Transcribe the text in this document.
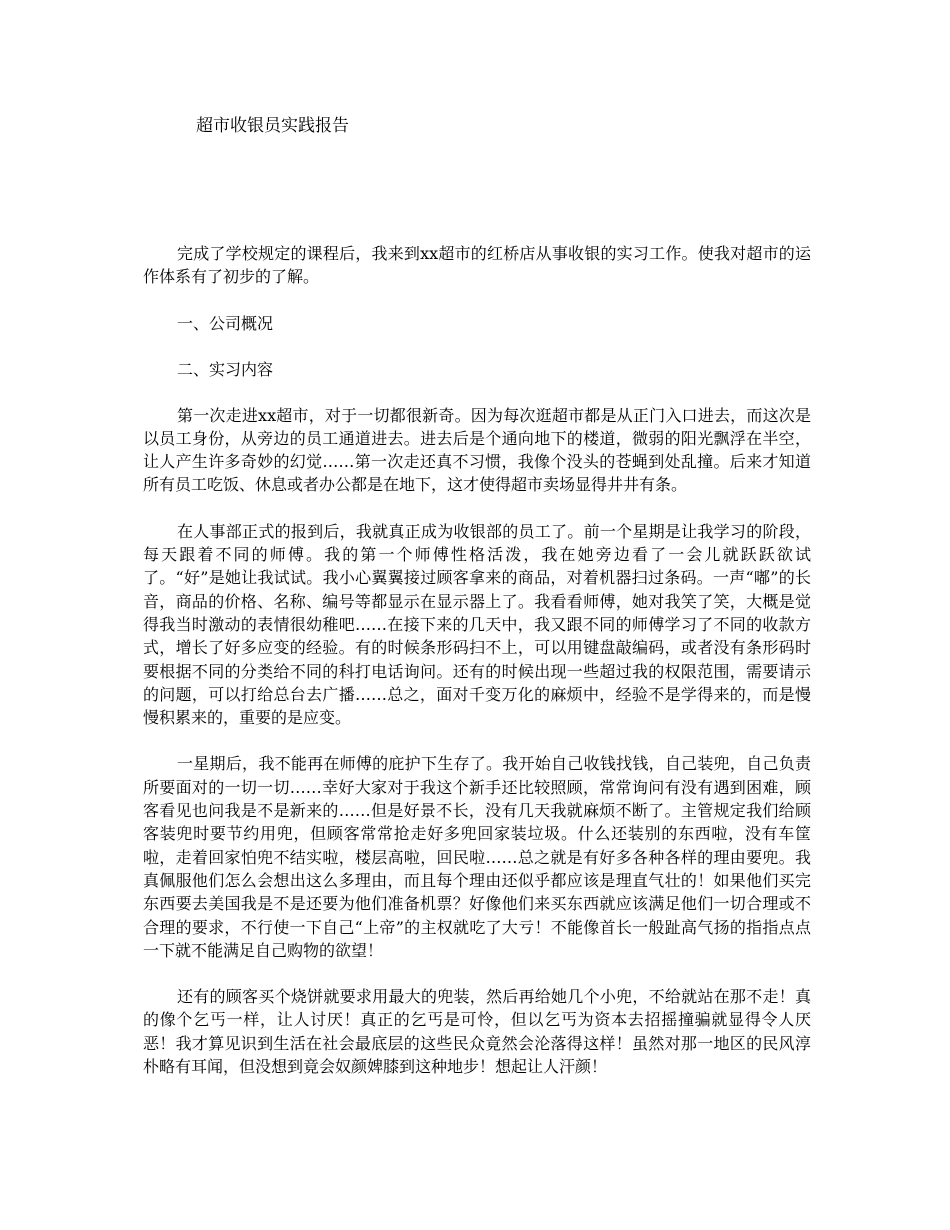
超市收银员实践报告

完成了学校规定的课程后，我来到xx超市的红桥店从事收银的实习工作。使我对超市的运作体系有了初步的了解。

一、公司概况

二、实习内容

第一次走进xx超市，对于一切都很新奇。因为每次逛超市都是从正门入口进去，而这次是以员工身份，从旁边的员工通道进去。进去后是个通向地下的楼道，微弱的阳光飘浮在半空，让人产生许多奇妙的幻觉……第一次走还真不习惯，我像个没头的苍蝇到处乱撞。后来才知道所有员工吃饭、休息或者办公都是在地下，这才使得超市卖场显得井井有条。

在人事部正式的报到后，我就真正成为收银部的员工了。前一个星期是让我学习的阶段，每天跟着不同的师傅。我的第一个师傅性格活泼，我在她旁边看了一会儿就跃跃欲试了。“好”是她让我试试。我小心翼翼接过顾客拿来的商品，对着机器扫过条码。一声“嘟”的长音，商品的价格、名称、编号等都显示在显示器上了。我看看师傅，她对我笑了笑，大概是觉得我当时激动的表情很幼稚吧……在接下来的几天中，我又跟不同的师傅学习了不同的收款方式，增长了好多应变的经验。有的时候条形码扫不上，可以用键盘敲编码，或者没有条形码时要根据不同的分类给不同的科打电话询问。还有的时候出现一些超过我的权限范围，需要请示的问题，可以打给总台去广播……总之，面对千变万化的麻烦中，经验不是学得来的，而是慢慢积累来的，重要的是应变。

一星期后，我不能再在师傅的庇护下生存了。我开始自己收钱找钱，自己装兜，自己负责所要面对的一切一切……幸好大家对于我这个新手还比较照顾，常常询问有没有遇到困难，顾客看见也问我是不是新来的……但是好景不长，没有几天我就麻烦不断了。主管规定我们给顾客装兜时要节约用兜，但顾客常常抢走好多兜回家装垃圾。什么还装别的东西啦，没有车筐啦，走着回家怕兜不结实啦，楼层高啦，回民啦……总之就是有好多各种各样的理由要兜。我真佩服他们怎么会想出这么多理由，而且每个理由还似乎都应该是理直气壮的！如果他们买完东西要去美国我是不是还要为他们准备机票？好像他们来买东西就应该满足他们一切合理或不合理的要求，不行使一下自己“上帝”的主权就吃了大亏！不能像首长一般趾高气扬的指指点点一下就不能满足自己购物的欲望！

还有的顾客买个烧饼就要求用最大的兜装，然后再给她几个小兜，不给就站在那不走！真的像个乞丐一样，让人讨厌！真正的乞丐是可怜，但以乞丐为资本去招摇撞骗就显得令人厌恶！我才算见识到生活在社会最底层的这些民众竟然会沦落得这样！虽然对那一地区的民风淳朴略有耳闻，但没想到竟会奴颜婢膝到这种地步！想起让人汗颜！
